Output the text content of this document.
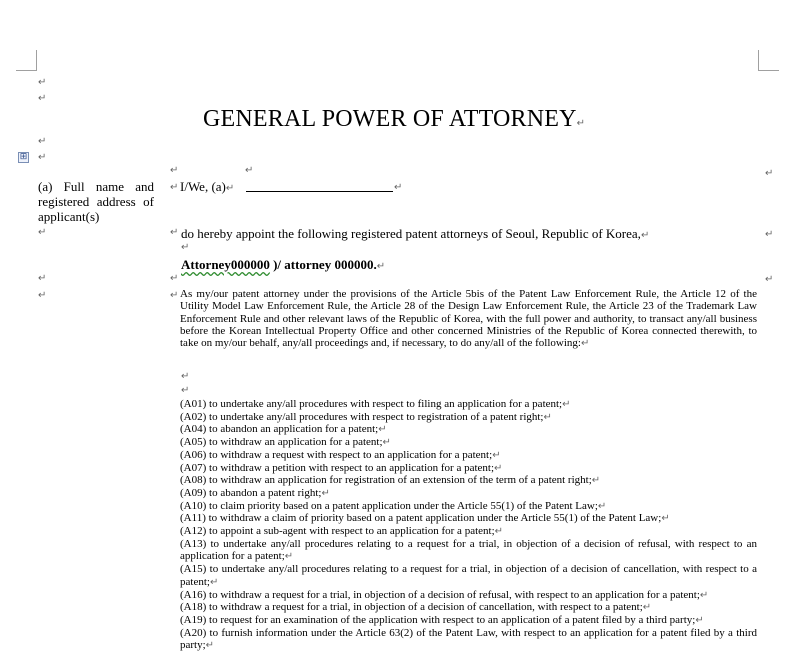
↵
↵
GENERAL POWER OF ATTORNEY↵
↵
↵
⊞
↵	↵
(a) Full name and registered address of applicant(s)
↵ I/We, (a)↵	↵
↵
↵	↵ do hereby appoint the following registered patent attorneys of Seoul, Republic of Korea,↵	↵
↵
Attorney000000 )/ attorney 000000.↵
↵	↵	↵
↵	↵ As my/our patent attorney under the provisions of the Article 5bis of the Patent Law Enforcement Rule, the Article 12 of the Utility Model Law Enforcement Rule, the Article 28 of the Design Law Enforcement Rule, the Article 23 of the Trademark Law Enforcement Rule and other relevant laws of the Republic of Korea, with the full power and authority, to transact any/all business before the Korean Intellectual Property Office and other concerned Ministries of the Republic of Korea connected therewith, to take on my/our behalf, any/all proceedings and, if necessary, to do any/all of the following:↵
↵
↵
(A01) to undertake any/all procedures with respect to filing an application for a patent;↵
(A02) to undertake any/all procedures with respect to registration of a patent right;↵
(A04) to abandon an application for a patent;↵
(A05) to withdraw an application for a patent;↵
(A06) to withdraw a request with respect to an application for a patent;↵
(A07) to withdraw a petition with respect to an application for a patent;↵
(A08) to withdraw an application for registration of an extension of the term of a patent right;↵
(A09) to abandon a patent right;↵
(A10) to claim priority based on a patent application under the Article 55(1) of the Patent Law;↵
(A11) to withdraw a claim of priority based on a patent application under the Article 55(1) of the Patent Law;↵
(A12) to appoint a sub-agent with respect to an application for a patent;↵
(A13) to undertake any/all procedures relating to a request for a trial, in objection of a decision of refusal, with respect to an application for a patent;↵
(A15) to undertake any/all procedures relating to a request for a trial, in objection of a decision of cancellation, with respect to a patent;↵
(A16) to withdraw a request for a trial, in objection of a decision of refusal, with respect to an application for a patent;↵
(A18) to withdraw a request for a trial, in objection of a decision of cancellation, with respect to a patent;↵
(A19) to request for an examination of the application with respect to an application of a patent filed by a third party;↵
(A20) to furnish information under the Article 63(2) of the Patent Law, with respect to an application for a patent filed by a third party;↵
